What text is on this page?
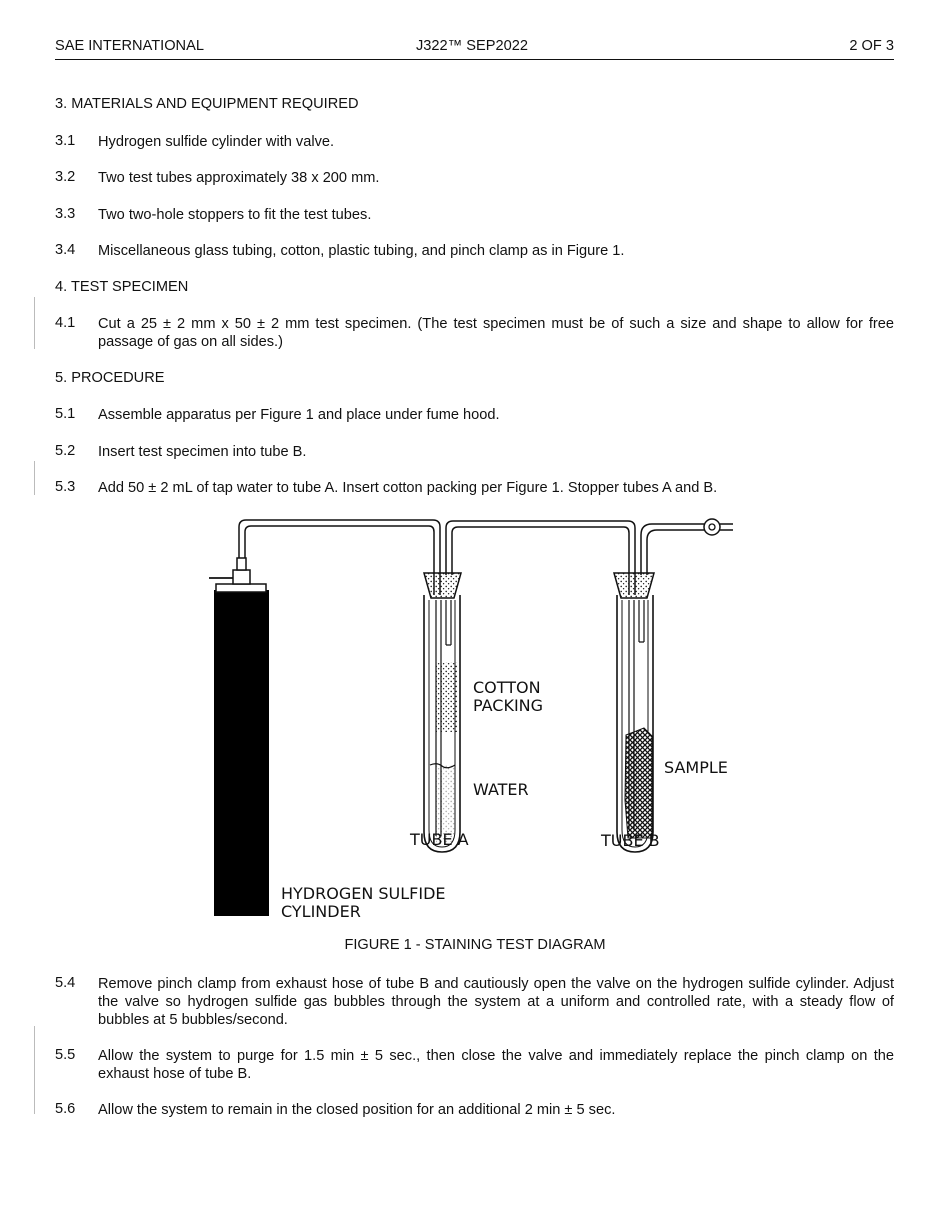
SAE INTERNATIONAL	J322™ SEP2022	2 OF 3
3. MATERIALS AND EQUIPMENT REQUIRED
3.1 Hydrogen sulfide cylinder with valve.
3.2 Two test tubes approximately 38 x 200 mm.
3.3 Two two-hole stoppers to fit the test tubes.
3.4 Miscellaneous glass tubing, cotton, plastic tubing, and pinch clamp as in Figure 1.
4. TEST SPECIMEN
4.1 Cut a 25 ± 2 mm x 50 ± 2 mm test specimen. (The test specimen must be of such a size and shape to allow for free passage of gas on all sides.)
5. PROCEDURE
5.1 Assemble apparatus per Figure 1 and place under fume hood.
5.2 Insert test specimen into tube B.
5.3 Add 50 ± 2 mL of tap water to tube A. Insert cotton packing per Figure 1. Stopper tubes A and B.
COTTON
PACKING
WATER
TUBE A	TUBE B
SAMPLE
HYDROGEN SULFIDE
CYLINDER
FIGURE 1 - STAINING TEST DIAGRAM
5.4 Remove pinch clamp from exhaust hose of tube B and cautiously open the valve on the hydrogen sulfide cylinder. Adjust the valve so hydrogen sulfide gas bubbles through the system at a uniform and controlled rate, with a steady flow of bubbles at 5 bubbles/second.
5.5 Allow the system to purge for 1.5 min ± 5 sec., then close the valve and immediately replace the pinch clamp on the exhaust hose of tube B.
5.6 Allow the system to remain in the closed position for an additional 2 min ± 5 sec.
